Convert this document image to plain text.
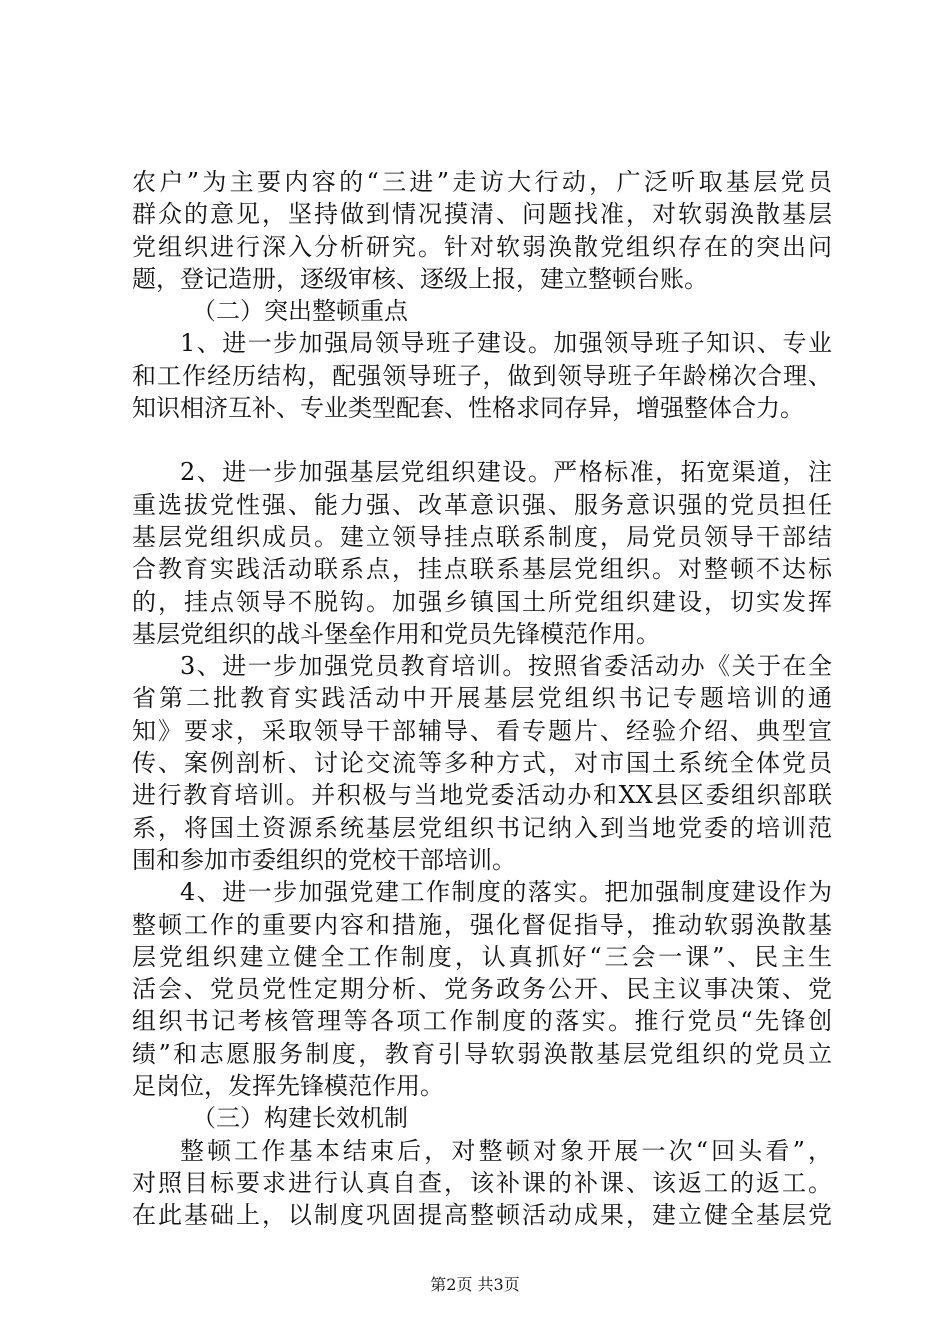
农户”为主要内容的“三进”走访大行动，广泛听取基层党员
群众的意见，坚持做到情况摸清、问题找准，对软弱涣散基层
党组织进行深入分析研究。针对软弱涣散党组织存在的突出问
题，登记造册，逐级审核、逐级上报，建立整顿台账。
（二）突出整顿重点
1、进一步加强局领导班子建设。加强领导班子知识、专业
和工作经历结构，配强领导班子，做到领导班子年龄梯次合理、
知识相济互补、专业类型配套、性格求同存异，增强整体合力。
2、进一步加强基层党组织建设。严格标准，拓宽渠道，注
重选拔党性强、能力强、改革意识强、服务意识强的党员担任
基层党组织成员。建立领导挂点联系制度，局党员领导干部结
合教育实践活动联系点，挂点联系基层党组织。对整顿不达标
的，挂点领导不脱钩。加强乡镇国土所党组织建设，切实发挥
基层党组织的战斗堡垒作用和党员先锋模范作用。
3、进一步加强党员教育培训。按照省委活动办《关于在全
省第二批教育实践活动中开展基层党组织书记专题培训的通
知》要求，采取领导干部辅导、看专题片、经验介绍、典型宣
传、案例剖析、讨论交流等多种方式，对市国土系统全体党员
进行教育培训。并积极与当地党委活动办和XX县区委组织部联
系，将国土资源系统基层党组织书记纳入到当地党委的培训范
围和参加市委组织的党校干部培训。
4、进一步加强党建工作制度的落实。把加强制度建设作为
整顿工作的重要内容和措施，强化督促指导，推动软弱涣散基
层党组织建立健全工作制度，认真抓好“三会一课”、民主生
活会、党员党性定期分析、党务政务公开、民主议事决策、党
组织书记考核管理等各项工作制度的落实。推行党员“先锋创
绩”和志愿服务制度，教育引导软弱涣散基层党组织的党员立
足岗位，发挥先锋模范作用。
（三）构建长效机制
整顿工作基本结束后，对整顿对象开展一次“回头看”，
对照目标要求进行认真自查，该补课的补课、该返工的返工。
在此基础上，以制度巩固提高整顿活动成果，建立健全基层党
第2页 共3页
